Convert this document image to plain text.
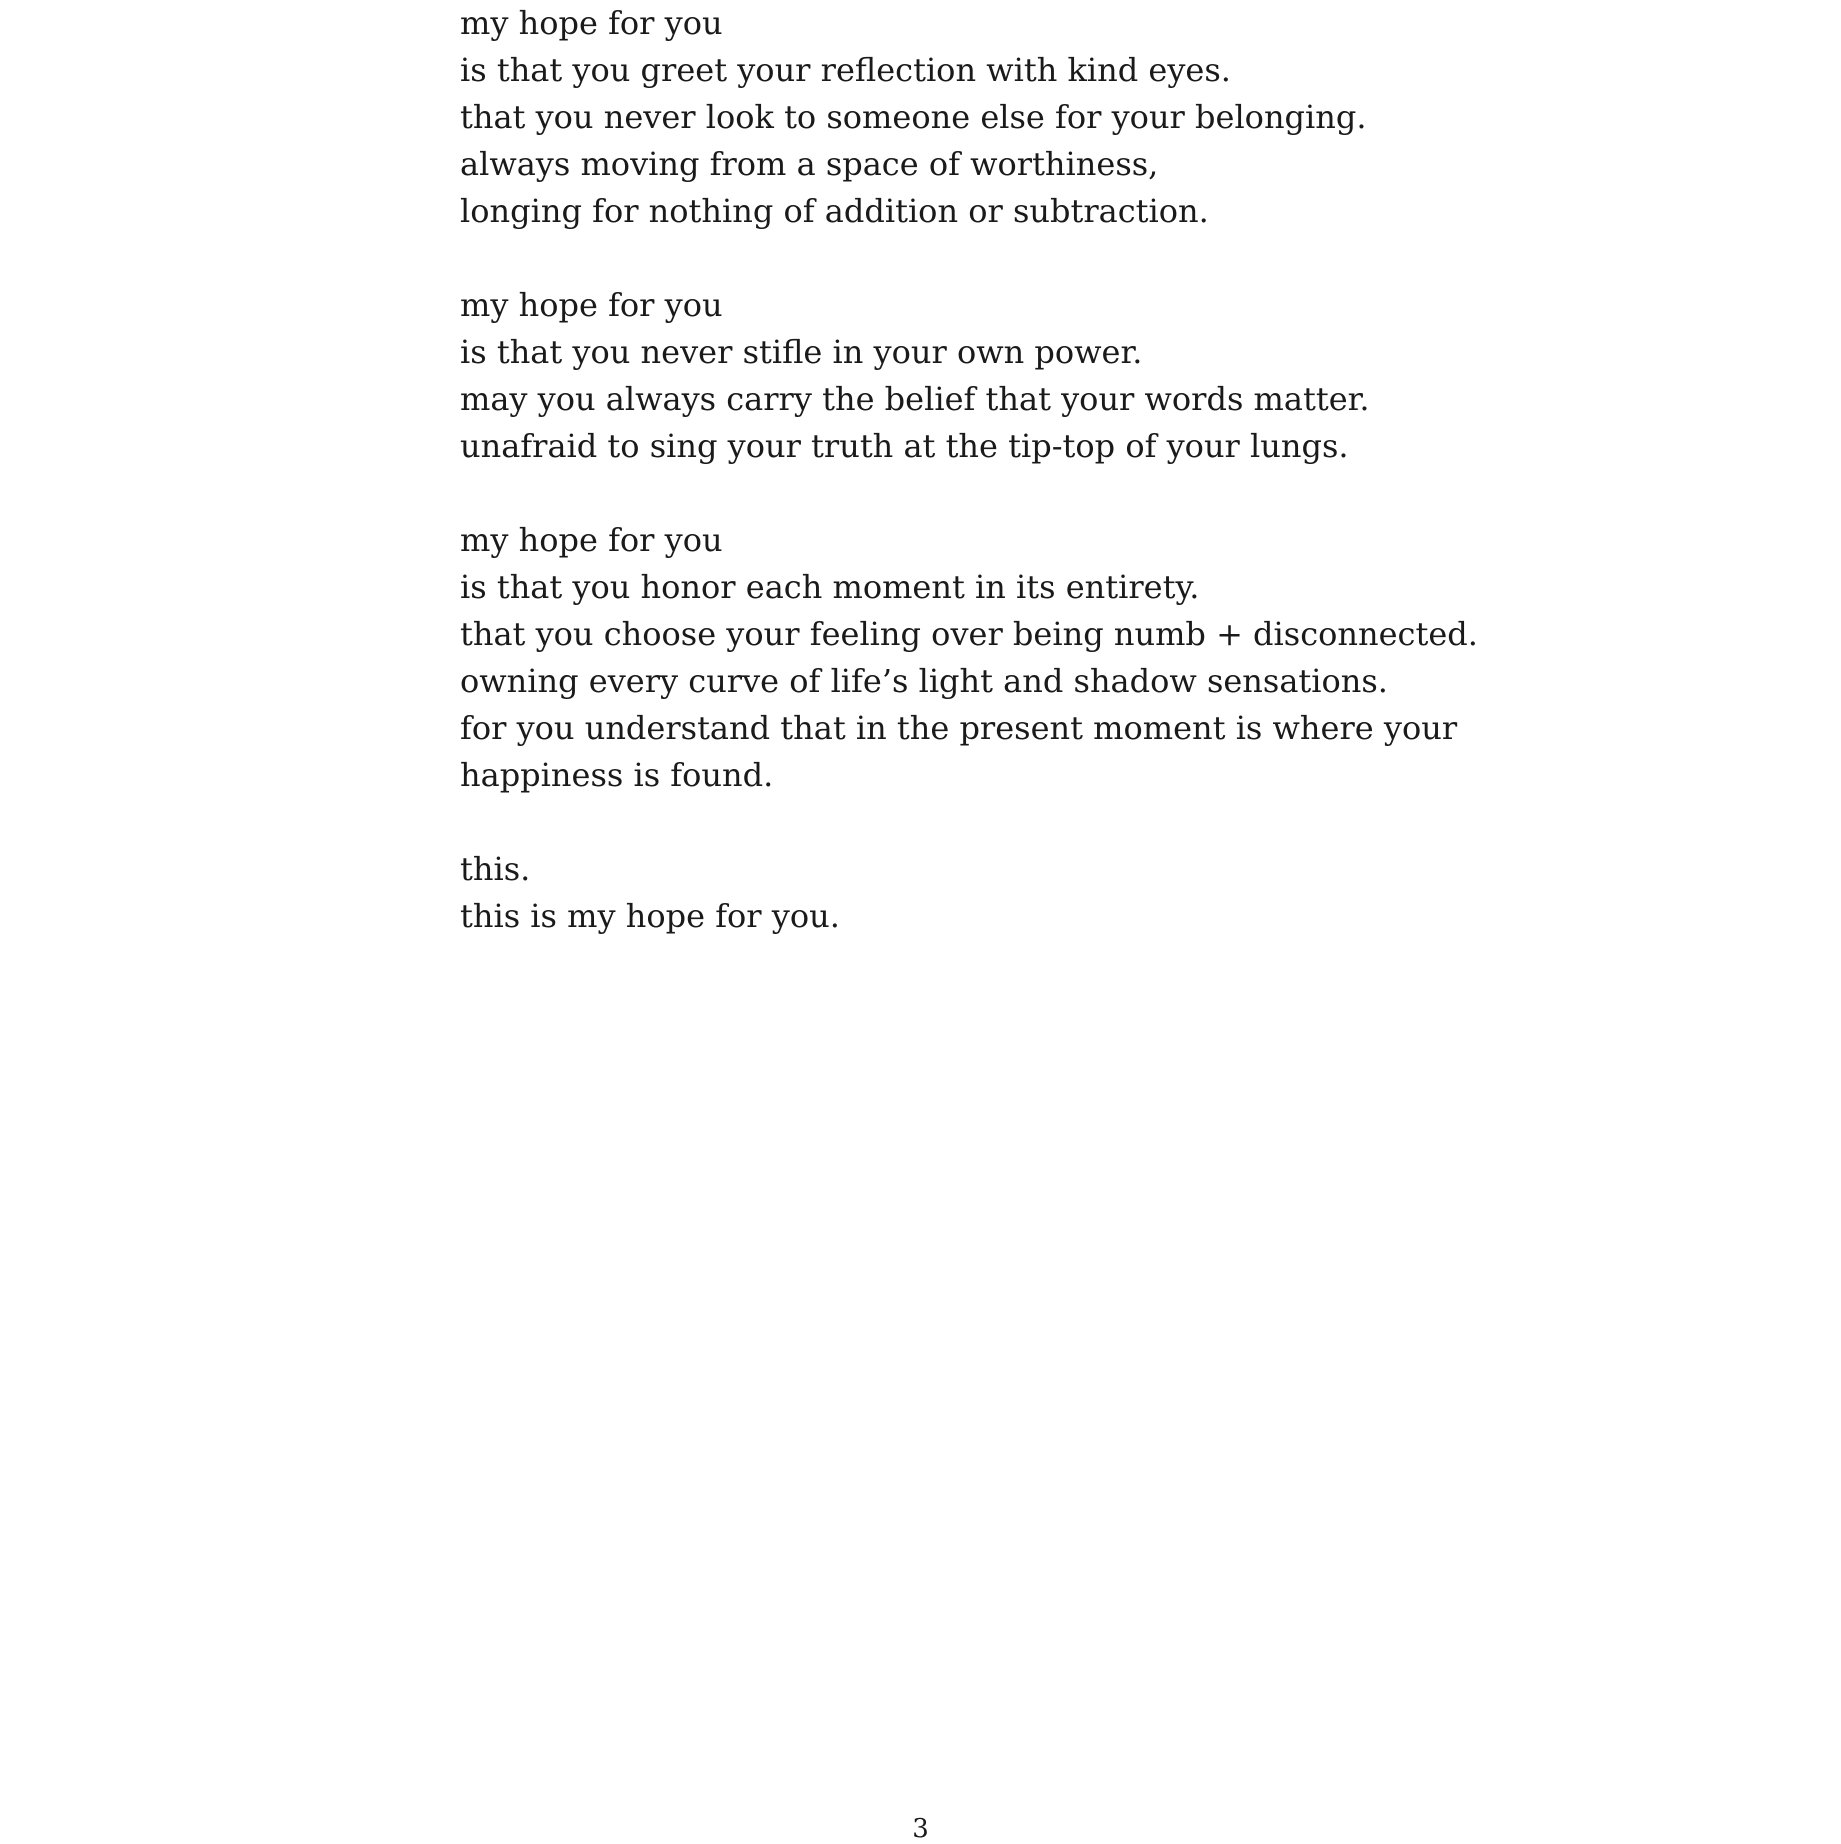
my hope for you
is that you greet your reflection with kind eyes.
that you never look to someone else for your belonging.
always moving from a space of worthiness,
longing for nothing of addition or subtraction.
my hope for you
is that you never stifle in your own power.
may you always carry the belief that your words matter.
unafraid to sing your truth at the tip-top of your lungs.
my hope for you
is that you honor each moment in its entirety.
that you choose your feeling over being numb + disconnected.
owning every curve of life’s light and shadow sensations.
for you understand that in the present moment is where your
happiness is found.
this.
this is my hope for you.
3
